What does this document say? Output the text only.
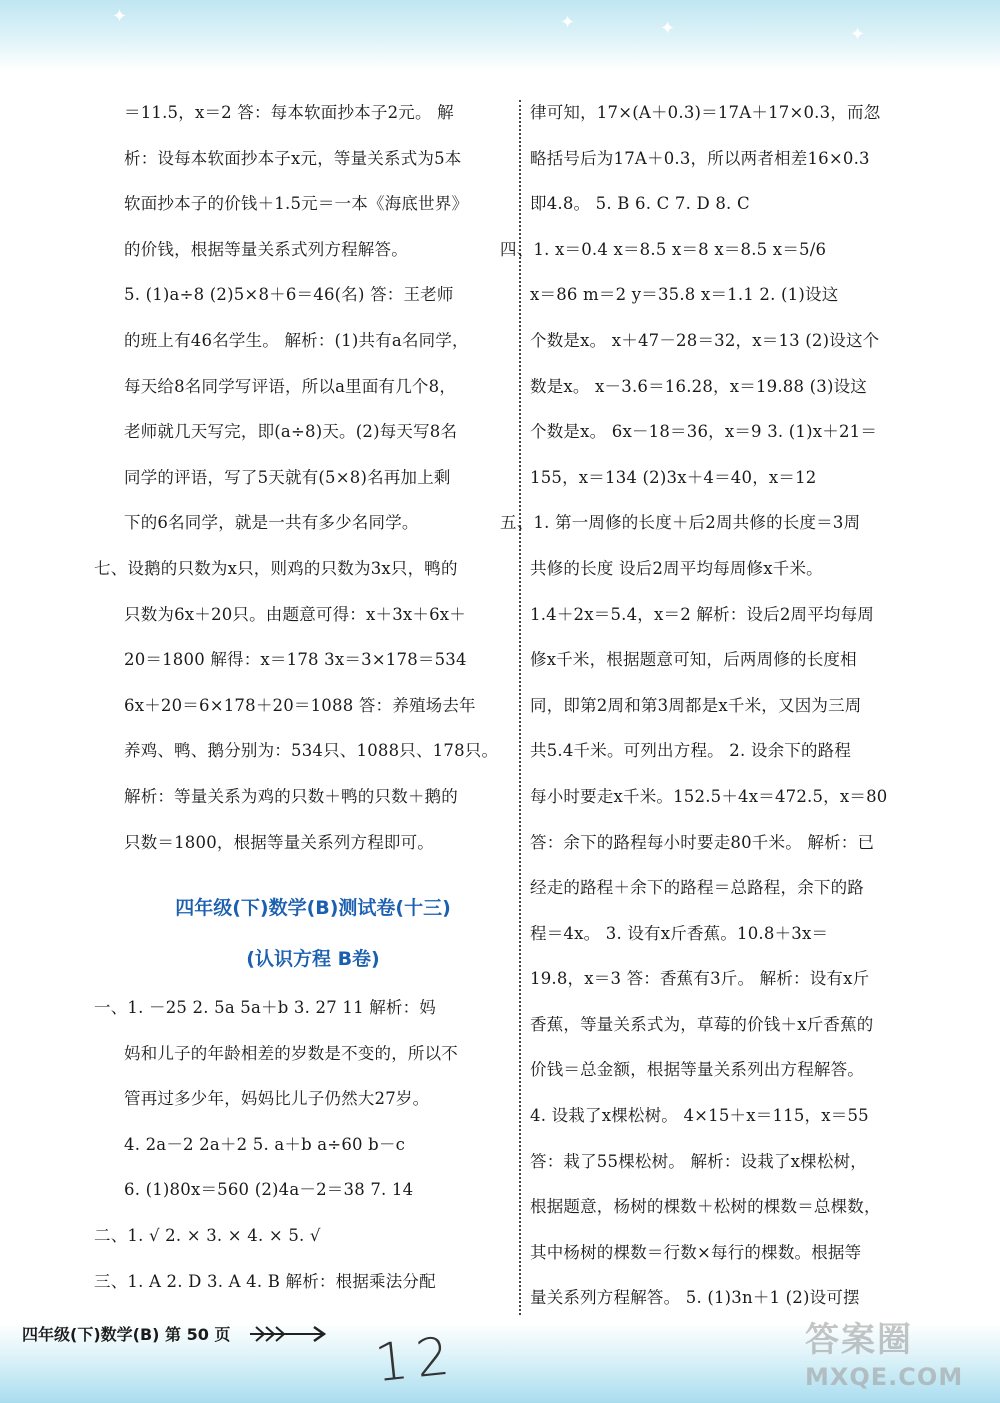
✦	✦	✦	✦
＝11.5，x＝2 答：每本软面抄本子2元。 解
析：设每本软面抄本子x元，等量关系式为5本
软面抄本子的价钱＋1.5元＝一本《海底世界》
的价钱，根据等量关系式列方程解答。
5. (1)a÷8 (2)5×8＋6＝46(名) 答：王老师
的班上有46名学生。 解析：(1)共有a名同学，
每天给8名同学写评语，所以a里面有几个8，
老师就几天写完，即(a÷8)天。(2)每天写8名
同学的评语，写了5天就有(5×8)名再加上剩
下的6名同学，就是一共有多少名同学。
七、设鹅的只数为x只，则鸡的只数为3x只，鸭的
只数为6x＋20只。由题意可得：x＋3x＋6x＋
20＝1800 解得：x＝178 3x＝3×178＝534
6x＋20＝6×178＋20＝1088 答：养殖场去年
养鸡、鸭、鹅分别为：534只、1088只、178只。
解析：等量关系为鸡的只数＋鸭的只数＋鹅的
只数＝1800，根据等量关系列方程即可。
四年级(下)数学(B)测试卷(十三)
(认识方程 B卷)
一、1. －25 2. 5a 5a＋b 3. 27 11 解析：妈
妈和儿子的年龄相差的岁数是不变的，所以不
管再过多少年，妈妈比儿子仍然大27岁。
4. 2a－2 2a＋2 5. a＋b a÷60 b－c
6. (1)80x＝560 (2)4a－2＝38 7. 14
二、1. √ 2. × 3. × 4. × 5. √
三、1. A 2. D 3. A 4. B 解析：根据乘法分配
律可知，17×(A＋0.3)＝17A＋17×0.3，而忽
略括号后为17A＋0.3，所以两者相差16×0.3
即4.8。 5. B 6. C 7. D 8. C
四、1. x＝0.4 x＝8.5 x＝8 x＝8.5 x＝5/6
x＝86 m＝2 y＝35.8 x＝1.1 2. (1)设这
个数是x。 x＋47－28＝32，x＝13 (2)设这个
数是x。 x－3.6＝16.28，x＝19.88 (3)设这
个数是x。 6x－18＝36，x＝9 3. (1)x＋21＝
155，x＝134 (2)3x＋4＝40，x＝12
五、1. 第一周修的长度＋后2周共修的长度＝3周
共修的长度 设后2周平均每周修x千米。
1.4＋2x＝5.4，x＝2 解析：设后2周平均每周
修x千米，根据题意可知，后两周修的长度相
同，即第2周和第3周都是x千米，又因为三周
共5.4千米。可列出方程。 2. 设余下的路程
每小时要走x千米。152.5＋4x＝472.5，x＝80
答：余下的路程每小时要走80千米。 解析：已
经走的路程＋余下的路程＝总路程，余下的路
程＝4x。 3. 设有x斤香蕉。10.8＋3x＝
19.8，x＝3 答：香蕉有3斤。 解析：设有x斤
香蕉，等量关系式为，草莓的价钱＋x斤香蕉的
价钱＝总金额，根据等量关系列出方程解答。
4. 设栽了x棵松树。 4×15＋x＝115，x＝55
答：栽了55棵松树。 解析：设栽了x棵松树，
根据题意，杨树的棵数＋松树的棵数＝总棵数，
其中杨树的棵数＝行数×每行的棵数。根据等
量关系列方程解答。 5. (1)3n＋1 (2)设可摆
四年级(下)数学(B) 第 50 页	12	答案圈
MXQE.COM
